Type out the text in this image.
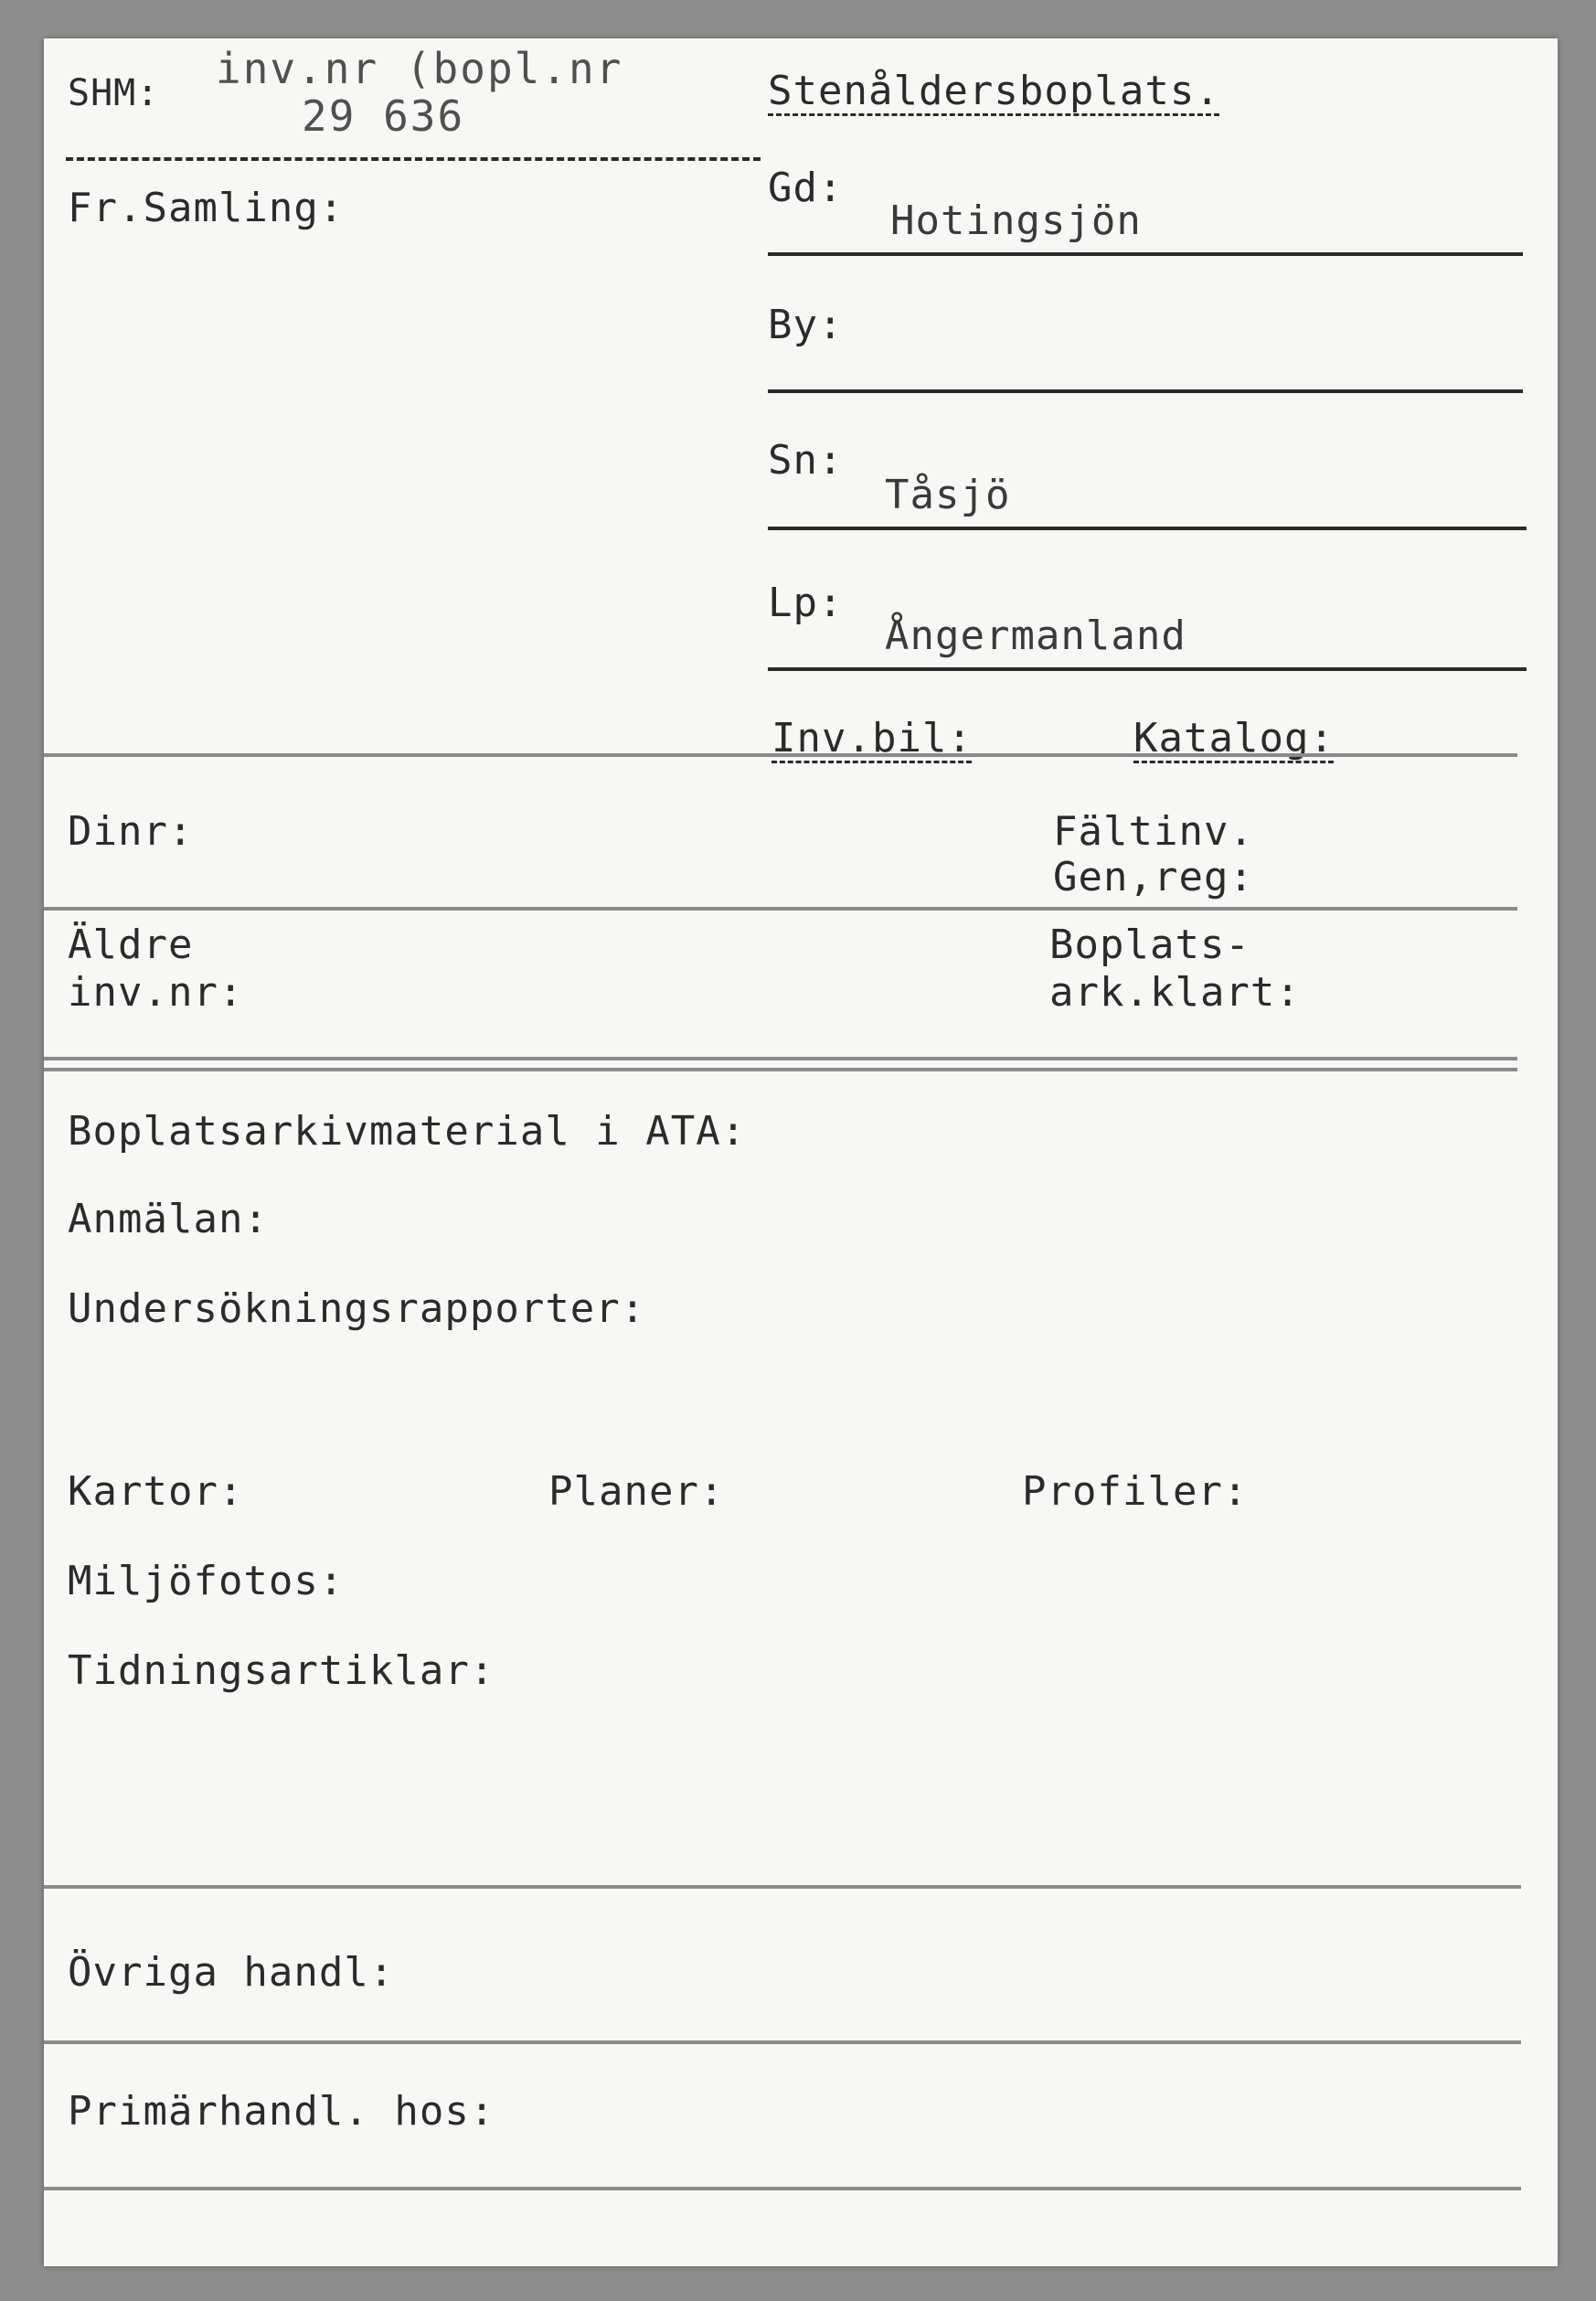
SHM: inv.nr (bopl.nr
29 636
Stenåldersboplats.
Fr.Samling:	Gd:
Hotingsjön
By:
Sn:
Tåsjö
Lp:
Ångermanland
Inv.bil:	Katalog:
Dinr:	Fältinv.
Gen,reg:
Äldre
inv.nr:
Boplats-
ark.klart:
Boplatsarkivmaterial i ATA:
Anmälan:
Undersökningsrapporter:
Kartor:	Planer:	Profiler:
Miljöfotos:
Tidningsartiklar:
Övriga handl:
Primärhandl. hos:
